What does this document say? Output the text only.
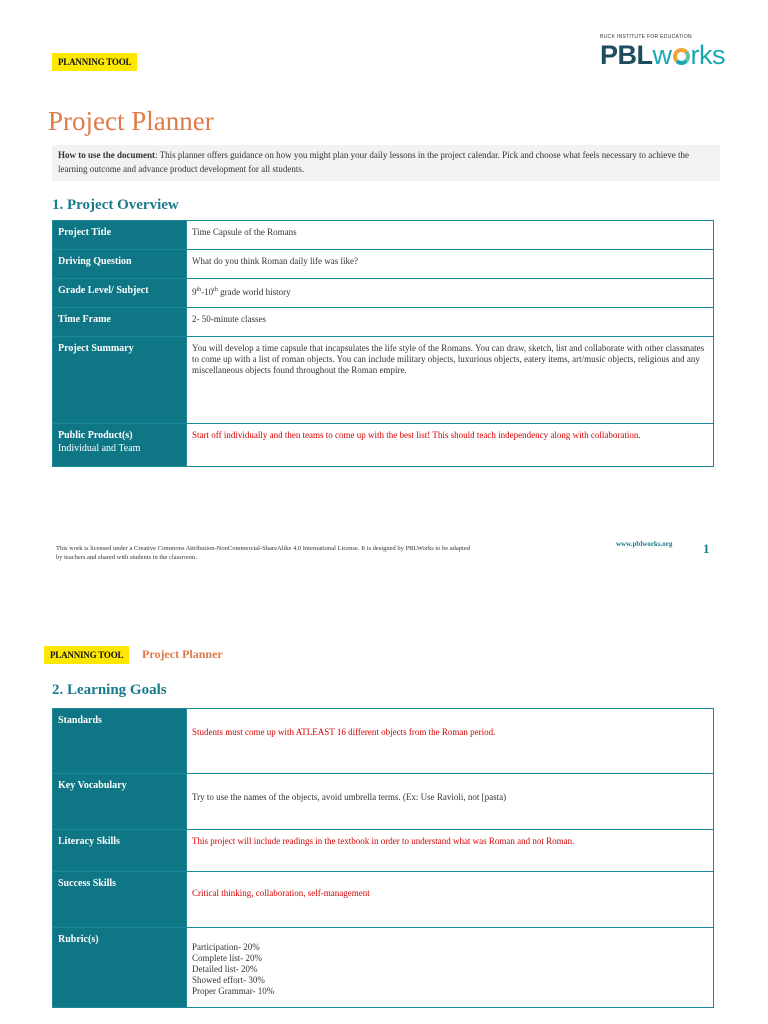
PLANNING TOOL
BUCK INSTITUTE FOR EDUCATION
PBLw rks
Project Planner
How to use the document: This planner offers guidance on how you might plan your daily lessons in the project calendar. Pick and choose what feels necessary to achieve the learning outcome and advance product development for all students.
1. Project Overview
Project Title	Time Capsule of the Romans
Driving Question	What do you think Roman daily life was like?
Grade Level/ Subject	9th-10th grade world history
Time Frame	2- 50-minute classes
Project Summary	You will develop a time capsule that incapsulates the life style of the Romans. You can draw, sketch, list and collaborate with other classmates to come up with a list of roman objects. You can include military objects, luxurious objects, eatery items, art/music objects, religious and any miscellaneous objects found throughout the Roman empire.
Public Product(s)
Individual and Team	Start off individually and then teams to come up with the best list! This should teach independency along with collaboration.
This work is licensed under a Creative Commons Attribution-NonCommercial-ShareAlike 4.0 International License. It is designed by PBLWorks to be adapted by teachers and shared with students in the classroom.
www.pblworks.org 1
PLANNING TOOL	Project Planner
2. Learning Goals
Standards	Students must come up with ATLEAST 16 different objects from the Roman period.
Key Vocabulary	Try to use the names of the objects, avoid umbrella terms. (Ex: Use Ravioli, not [pasta)
Literacy Skills	This project will include readings in the textbook in order to understand what was Roman and not Roman.
Success Skills	Critical thinking, collaboration, self-management
Rubric(s)	Participation- 20%
Complete list- 20%
Detailed list- 20%
Showed effort- 30%
Proper Grammar- 10%
